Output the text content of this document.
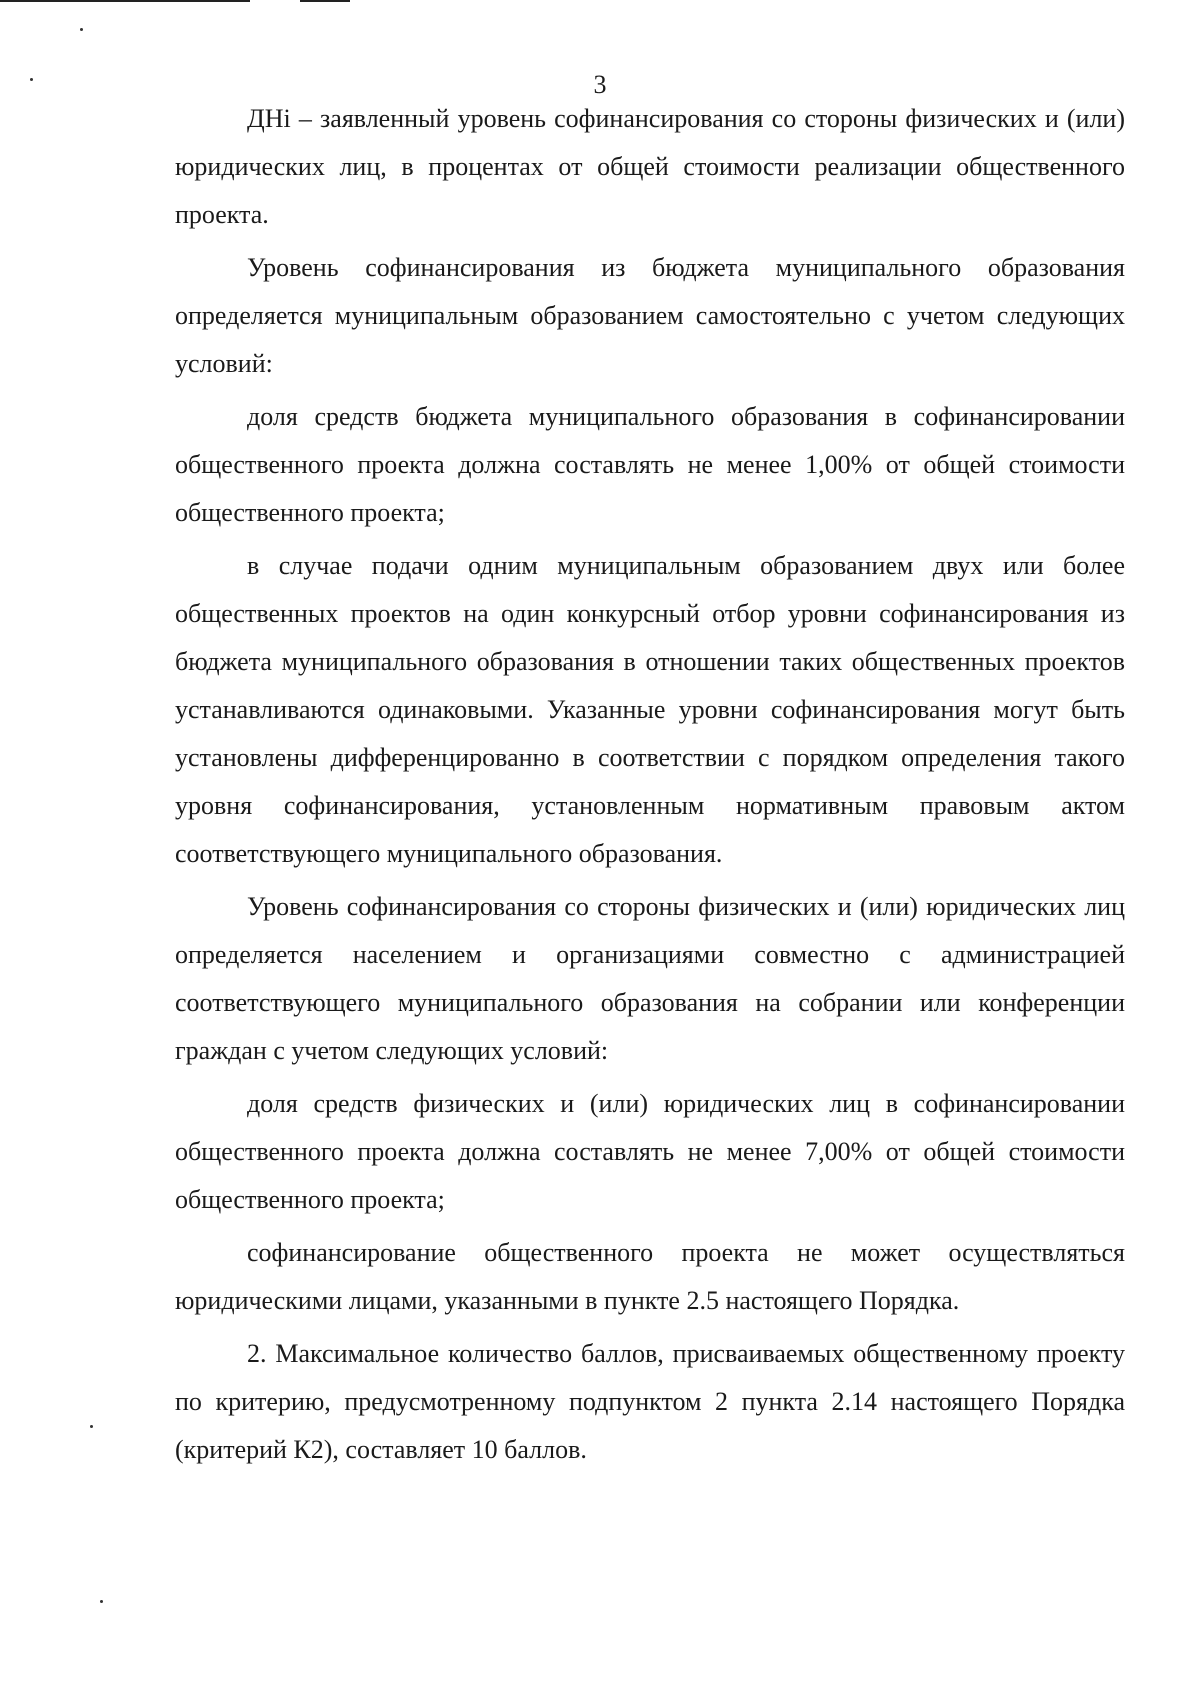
3

ДНi – заявленный уровень софинансирования со стороны физических и (или) юридических лиц, в процентах от общей стоимости реализации общественного проекта.

Уровень софинансирования из бюджета муниципального образования определяется муниципальным образованием самостоятельно с учетом следующих условий:

доля средств бюджета муниципального образования в софинансировании общественного проекта должна составлять не менее 1,00% от общей стоимости общественного проекта;

в случае подачи одним муниципальным образованием двух или более общественных проектов на один конкурсный отбор уровни софинансирования из бюджета муниципального образования в отношении таких общественных проектов устанавливаются одинаковыми. Указанные уровни софинансирования могут быть установлены дифференцированно в соответствии с порядком определения такого уровня софинансирования, установленным нормативным правовым актом соответствующего муниципального образования.

Уровень софинансирования со стороны физических и (или) юридических лиц определяется населением и организациями совместно с администрацией соответствующего муниципального образования на собрании или конференции граждан с учетом следующих условий:

доля средств физических и (или) юридических лиц в софинансировании общественного проекта должна составлять не менее 7,00% от общей стоимости общественного проекта;

софинансирование общественного проекта не может осуществляться юридическими лицами, указанными в пункте 2.5 настоящего Порядка.

2. Максимальное количество баллов, присваиваемых общественному проекту по критерию, предусмотренному подпунктом 2 пункта 2.14 настоящего Порядка (критерий К2), составляет 10 баллов.
